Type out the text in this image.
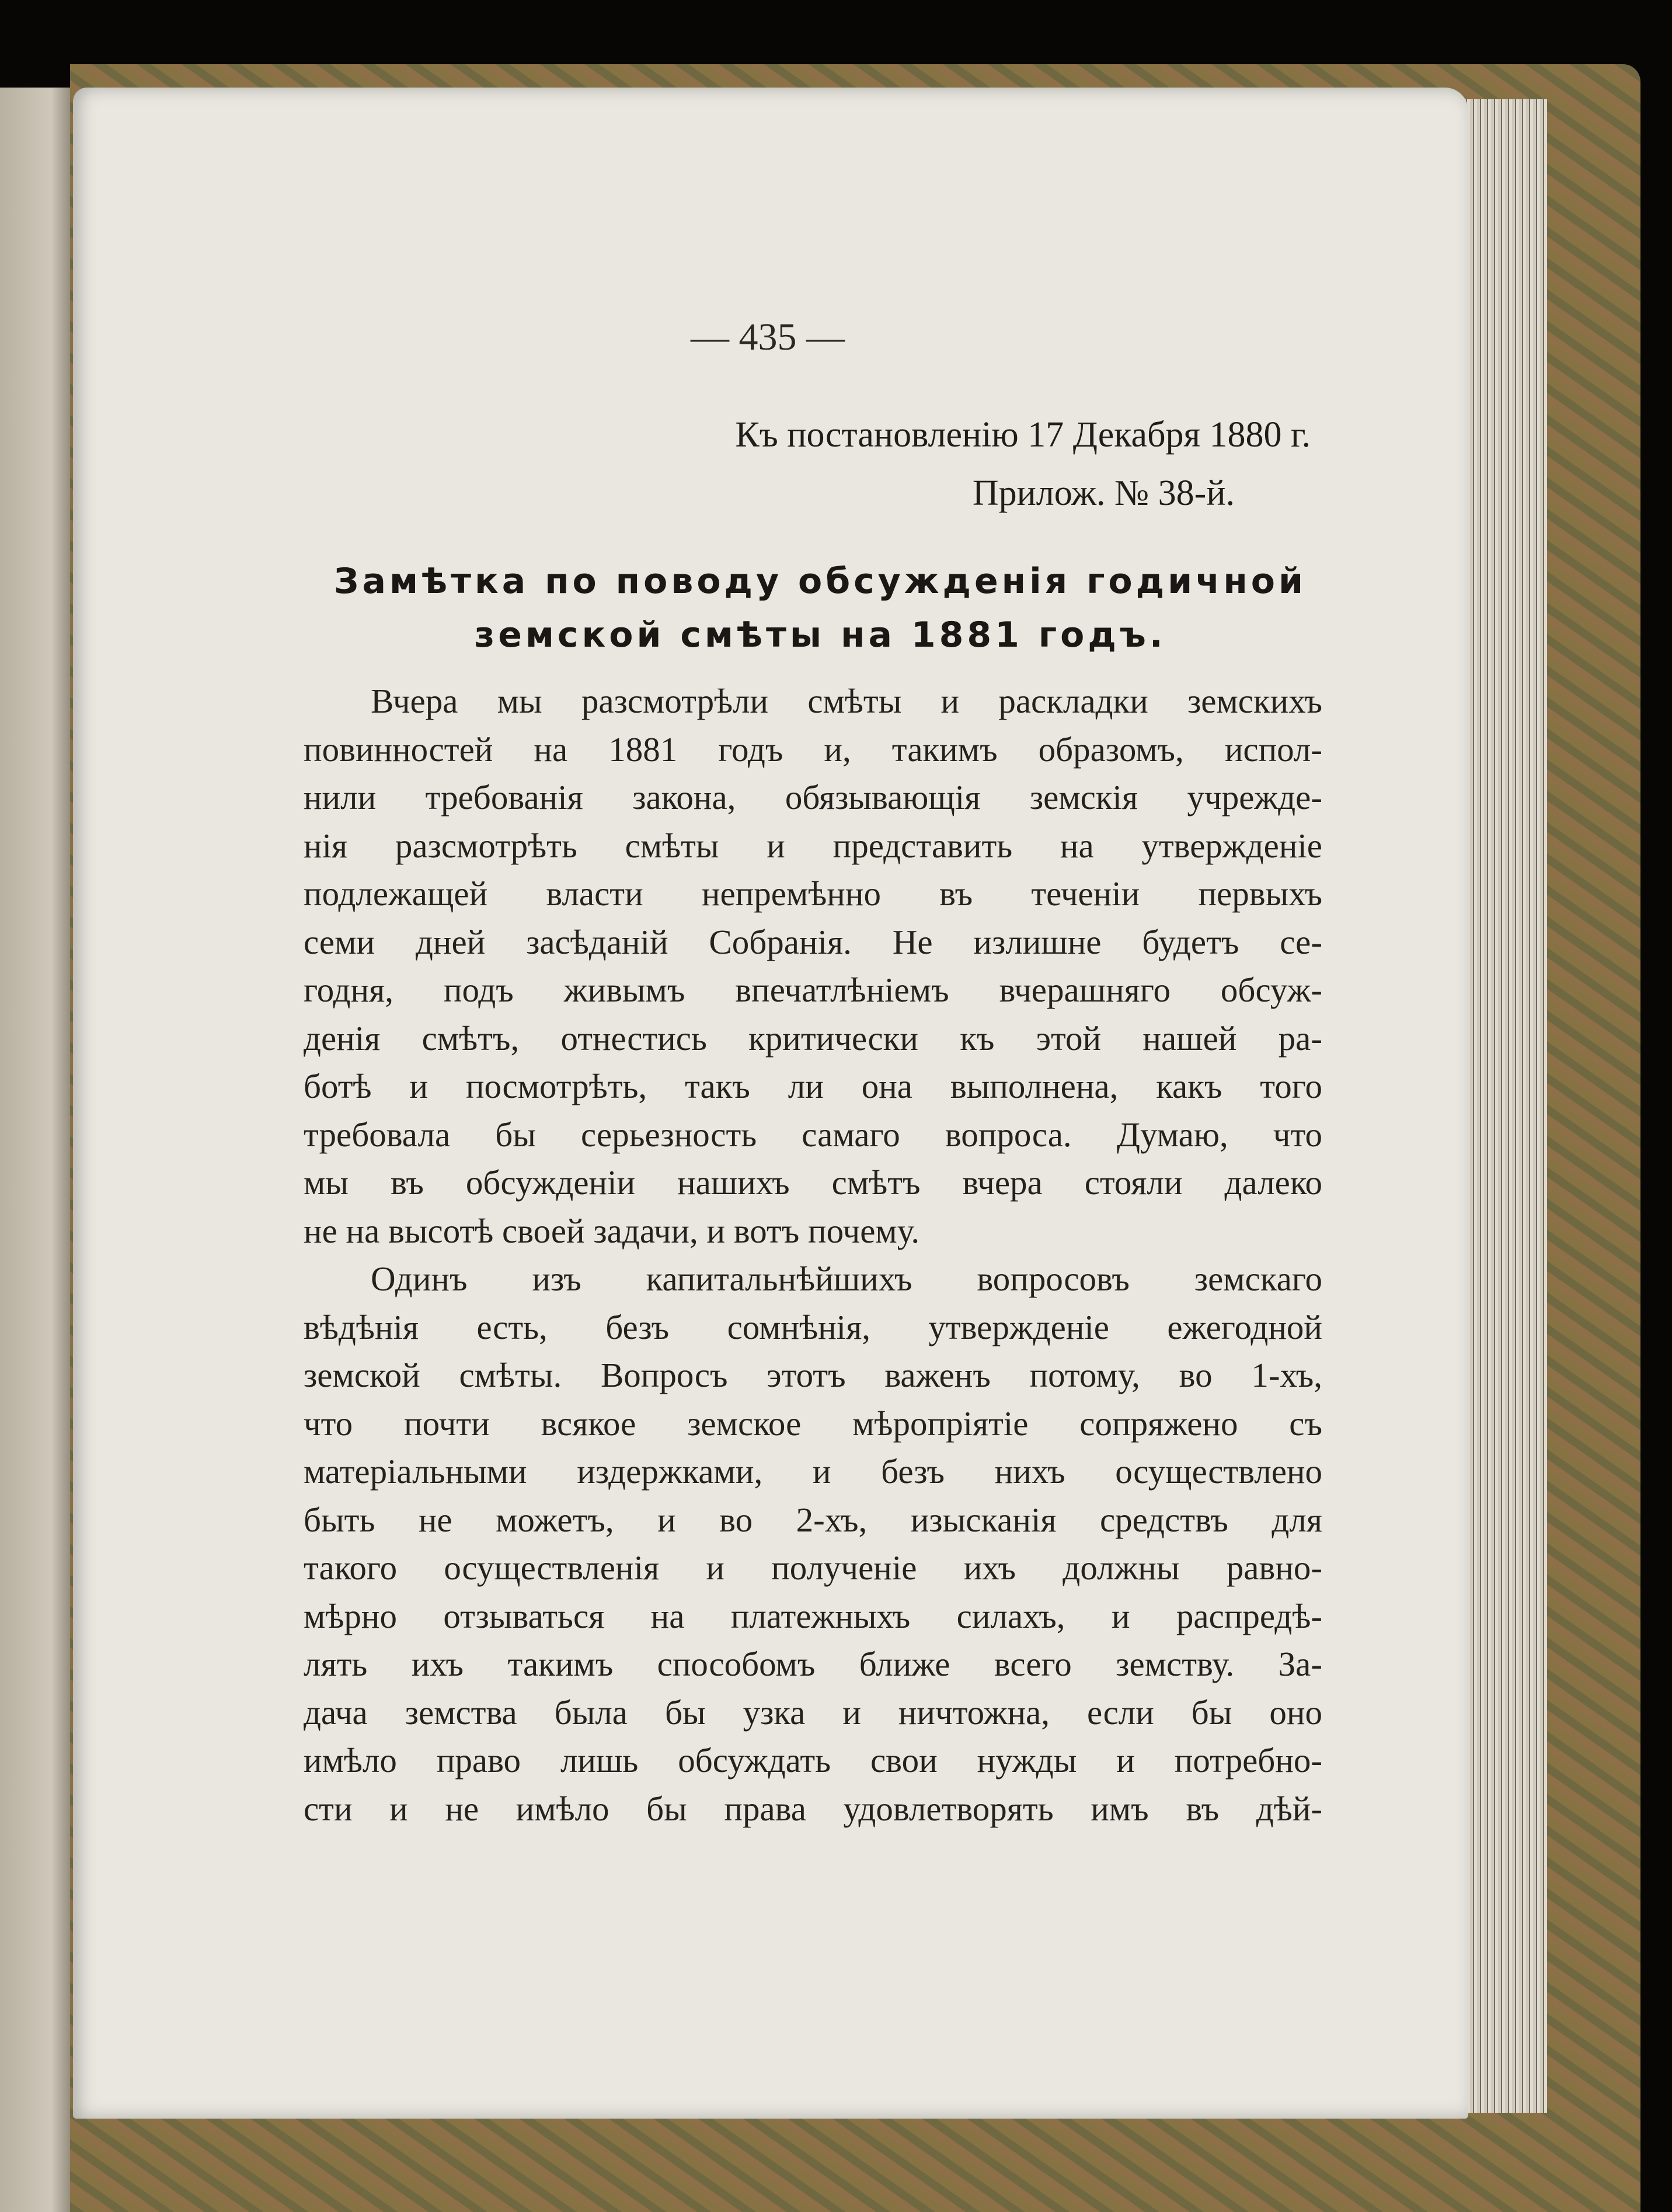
— 435 —
Къ постановленію 17 Декабря 1880 г.
Прилож. № 38-й.
Замѣтка по поводу обсужденія годичной
земской смѣты на 1881 годъ.
Вчера мы разсмотрѣли смѣты и раскладки земскихъ
повинностей на 1881 годъ и, такимъ образомъ, испол-
нили требованія закона, обязывающія земскія учрежде-
нія разсмотрѣть смѣты и представить на утвержденіе
подлежащей власти непремѣнно въ теченіи первыхъ
семи дней засѣданій Собранія. Не излишне будетъ се-
годня, подъ живымъ впечатлѣніемъ вчерашняго обсуж-
денія смѣтъ, отнестись критически къ этой нашей ра-
ботѣ и посмотрѣть, такъ ли она выполнена, какъ того
требовала бы серьезность самаго вопроса. Думаю, что
мы въ обсужденіи нашихъ смѣтъ вчера стояли далеко
не на высотѣ своей задачи, и вотъ почему.
Одинъ изъ капитальнѣйшихъ вопросовъ земскаго
вѣдѣнія есть, безъ сомнѣнія, утвержденіе ежегодной
земской смѣты. Вопросъ этотъ важенъ потому, во 1-хъ,
что почти всякое земское мѣропріятіе сопряжено съ
матеріальными издержками, и безъ нихъ осуществлено
быть не можетъ, и во 2-хъ, изысканія средствъ для
такого осуществленія и полученіе ихъ должны равно-
мѣрно отзываться на платежныхъ силахъ, и распредѣ-
лять ихъ такимъ способомъ ближе всего земству. За-
дача земства была бы узка и ничтожна, если бы оно
имѣло право лишь обсуждать свои нужды и потребно-
сти и не имѣло бы права удовлетворять имъ въ дѣй-
